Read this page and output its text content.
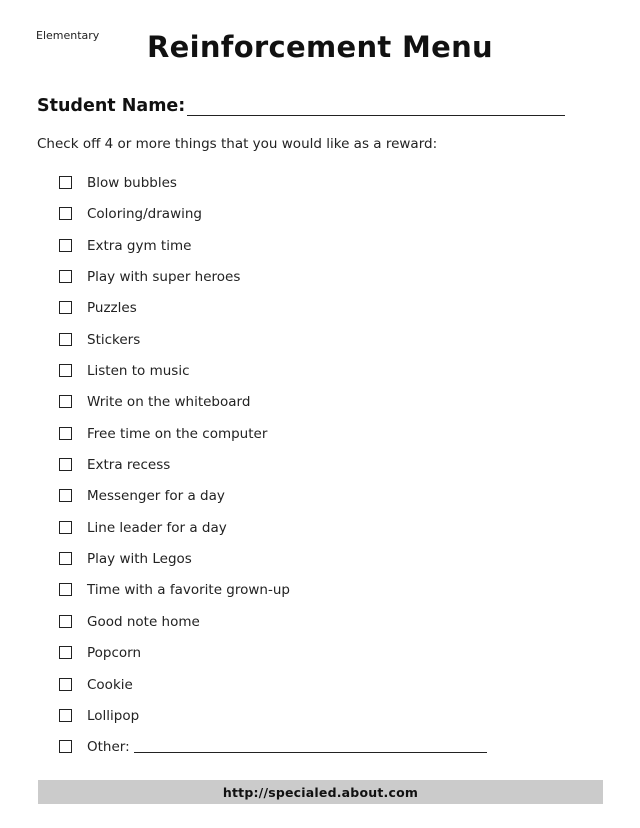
Elementary	Reinforcement Menu
Student Name:
Check off 4 or more things that you would like as a reward:
Blow bubbles
Coloring/drawing
Extra gym time
Play with super heroes
Puzzles
Stickers
Listen to music
Write on the whiteboard
Free time on the computer
Extra recess
Messenger for a day
Line leader for a day
Play with Legos
Time with a favorite grown-up
Good note home
Popcorn
Cookie
Lollipop
Other:
http://specialed.about.com
